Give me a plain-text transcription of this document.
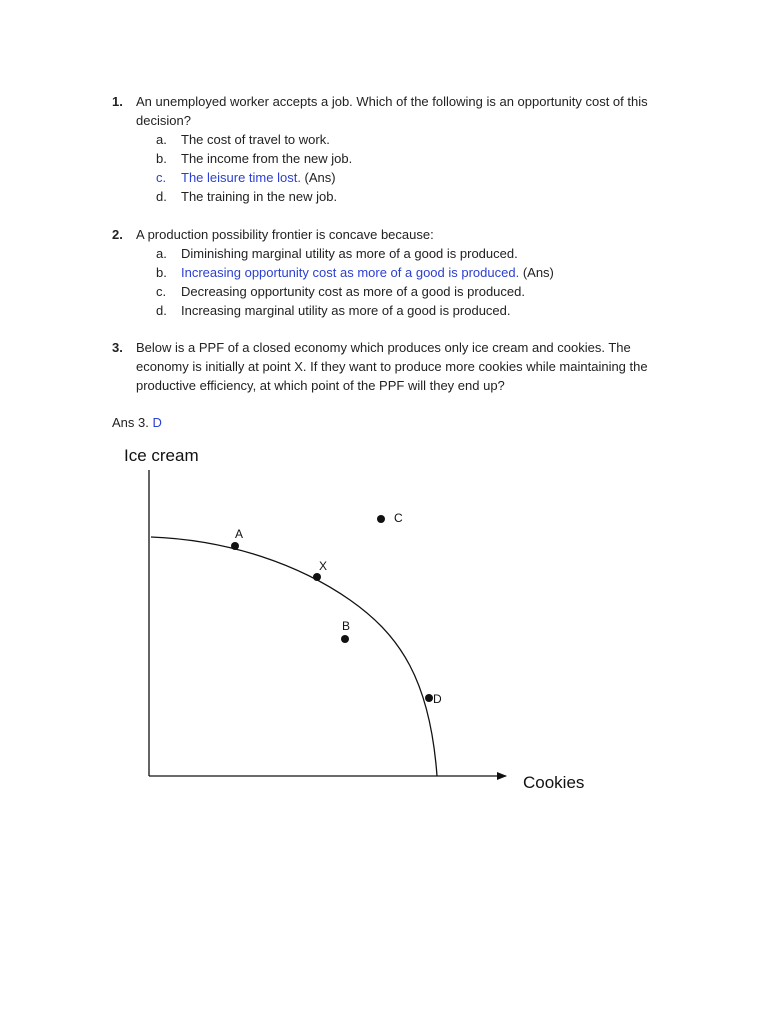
1. An unemployed worker accepts a job. Which of the following is an opportunity cost of this decision?
a. The cost of travel to work.
b. The income from the new job.
c. The leisure time lost. (Ans)
d. The training in the new job.
2. A production possibility frontier is concave because:
a. Diminishing marginal utility as more of a good is produced.
b. Increasing opportunity cost as more of a good is produced. (Ans)
c. Decreasing opportunity cost as more of a good is produced.
d. Increasing marginal utility as more of a good is produced.
3. Below is a PPF of a closed economy which produces only ice cream and cookies. The economy is initially at point X. If they want to produce more cookies while maintaining the productive efficiency, at which point of the PPF will they end up?
Ans 3. D
Ice cream
Cookies
A
X
C
B
D
